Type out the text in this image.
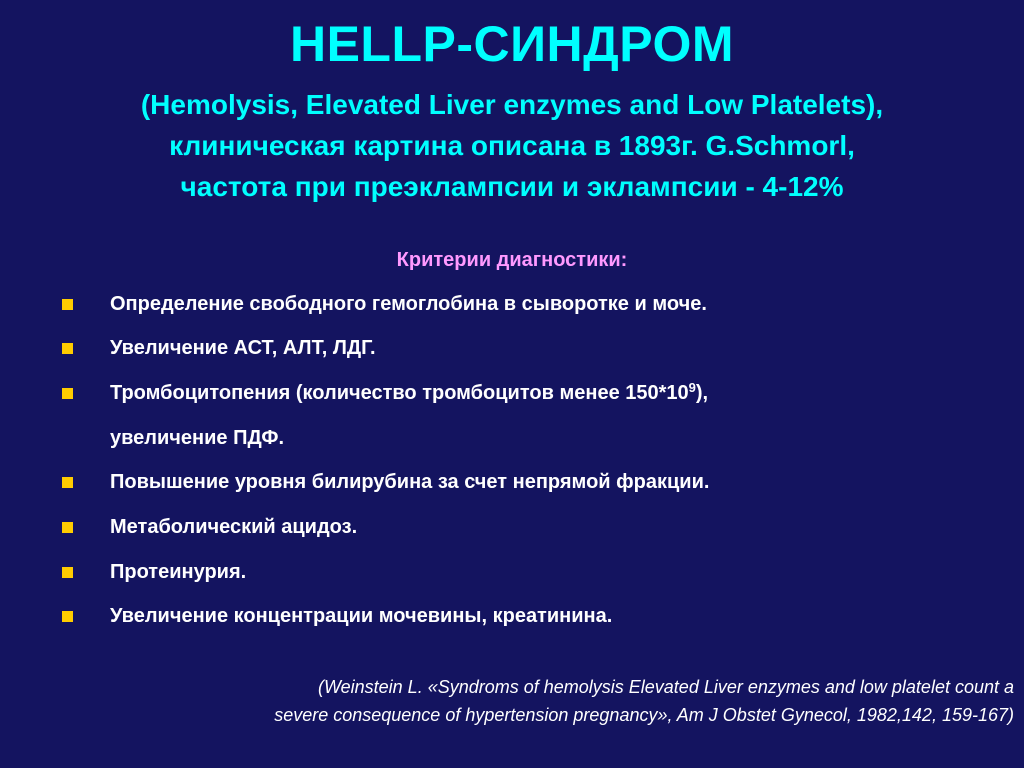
HELLP-СИНДРОМ
(Hemolysis, Elevated Liver enzymes and Low Platelets),
клиническая картина описана в 1893г. G.Schmorl,
частота при преэклампсии и эклампсии - 4-12%
Критерии диагностики:
Определение свободного гемоглобина в сыворотке и моче.
Увеличение АСТ, АЛТ, ЛДГ.
Тромбоцитопения (количество тромбоцитов менее $150*10^9$),
увеличение ПДФ.
Повышение уровня билирубина за счет непрямой фракции.
Метаболический ацидоз.
Протеинурия.
Увеличение концентрации мочевины, креатинина.
(Weinstein L. «Syndroms of hemolysis Elevated Liver enzymes and low platelet count a
severe consequence of hypertension pregnancy», Am J Obstet Gynecol, 1982,142, 159-167)
